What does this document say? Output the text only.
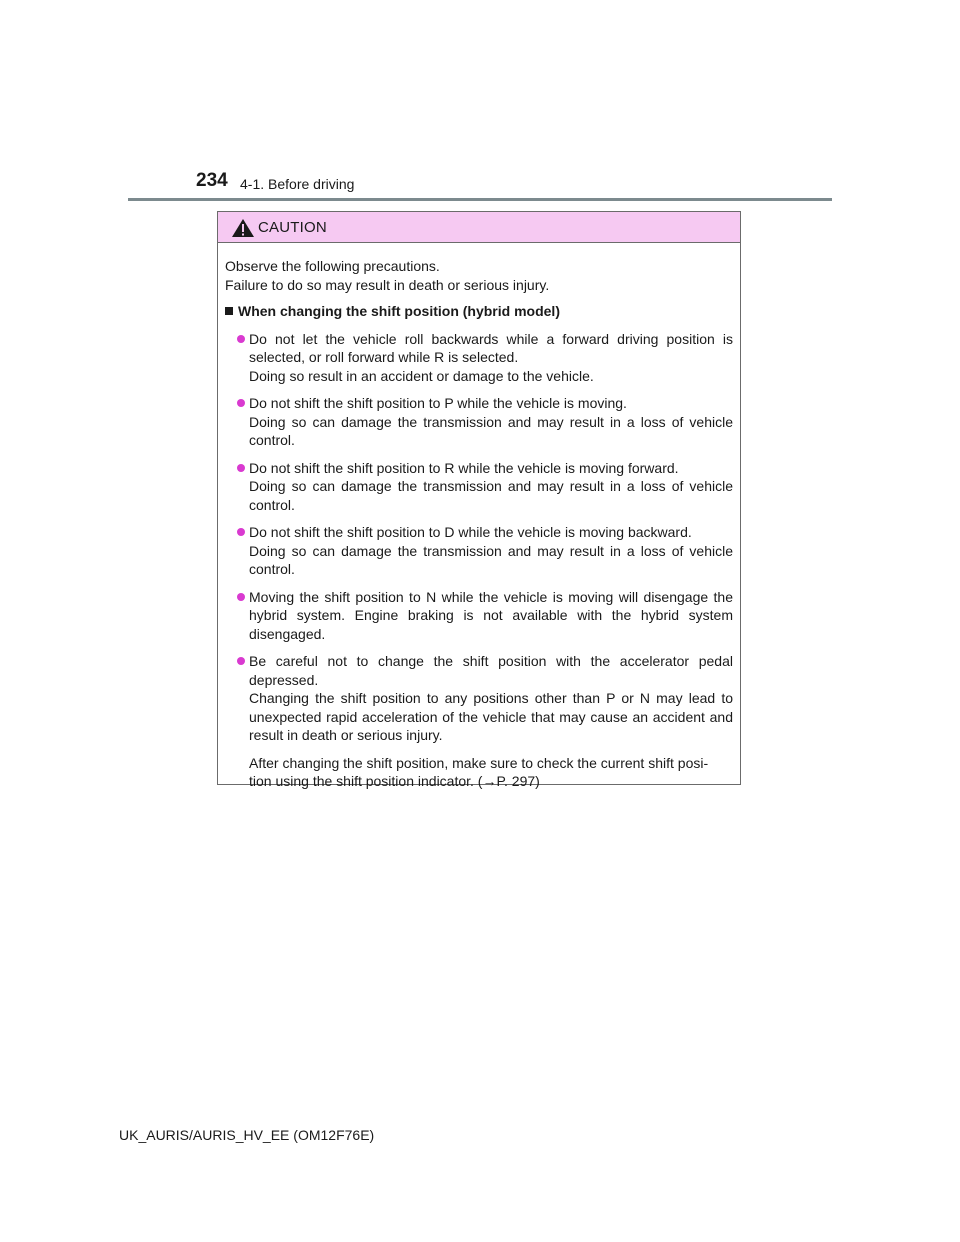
234 4-1. Before driving
CAUTION

Observe the following precautions.

Failure to do so may result in death or serious injury.

When changing the shift position (hybrid model)

Do not let the vehicle roll backwards while a forward driving position is selected, or roll forward while R is selected.

Doing so result in an accident or damage to the vehicle.

Do not shift the shift position to P while the vehicle is moving.

Doing so can damage the transmission and may result in a loss of vehicle control.

Do not shift the shift position to R while the vehicle is moving forward.

Doing so can damage the transmission and may result in a loss of vehicle control.

Do not shift the shift position to D while the vehicle is moving backward.

Doing so can damage the transmission and may result in a loss of vehicle control.

Moving the shift position to N while the vehicle is moving will disengage the hybrid system. Engine braking is not available with the hybrid system disengaged.

Be careful not to change the shift position with the accelerator pedal depressed.

Changing the shift position to any positions other than P or N may lead to unexpected rapid acceleration of the vehicle that may cause an accident and result in death or serious injury.

After changing the shift position, make sure to check the current shift posi-

tion using the shift position indicator. (→P. 297)

UK_AURIS/AURIS_HV_EE (OM12F76E)
